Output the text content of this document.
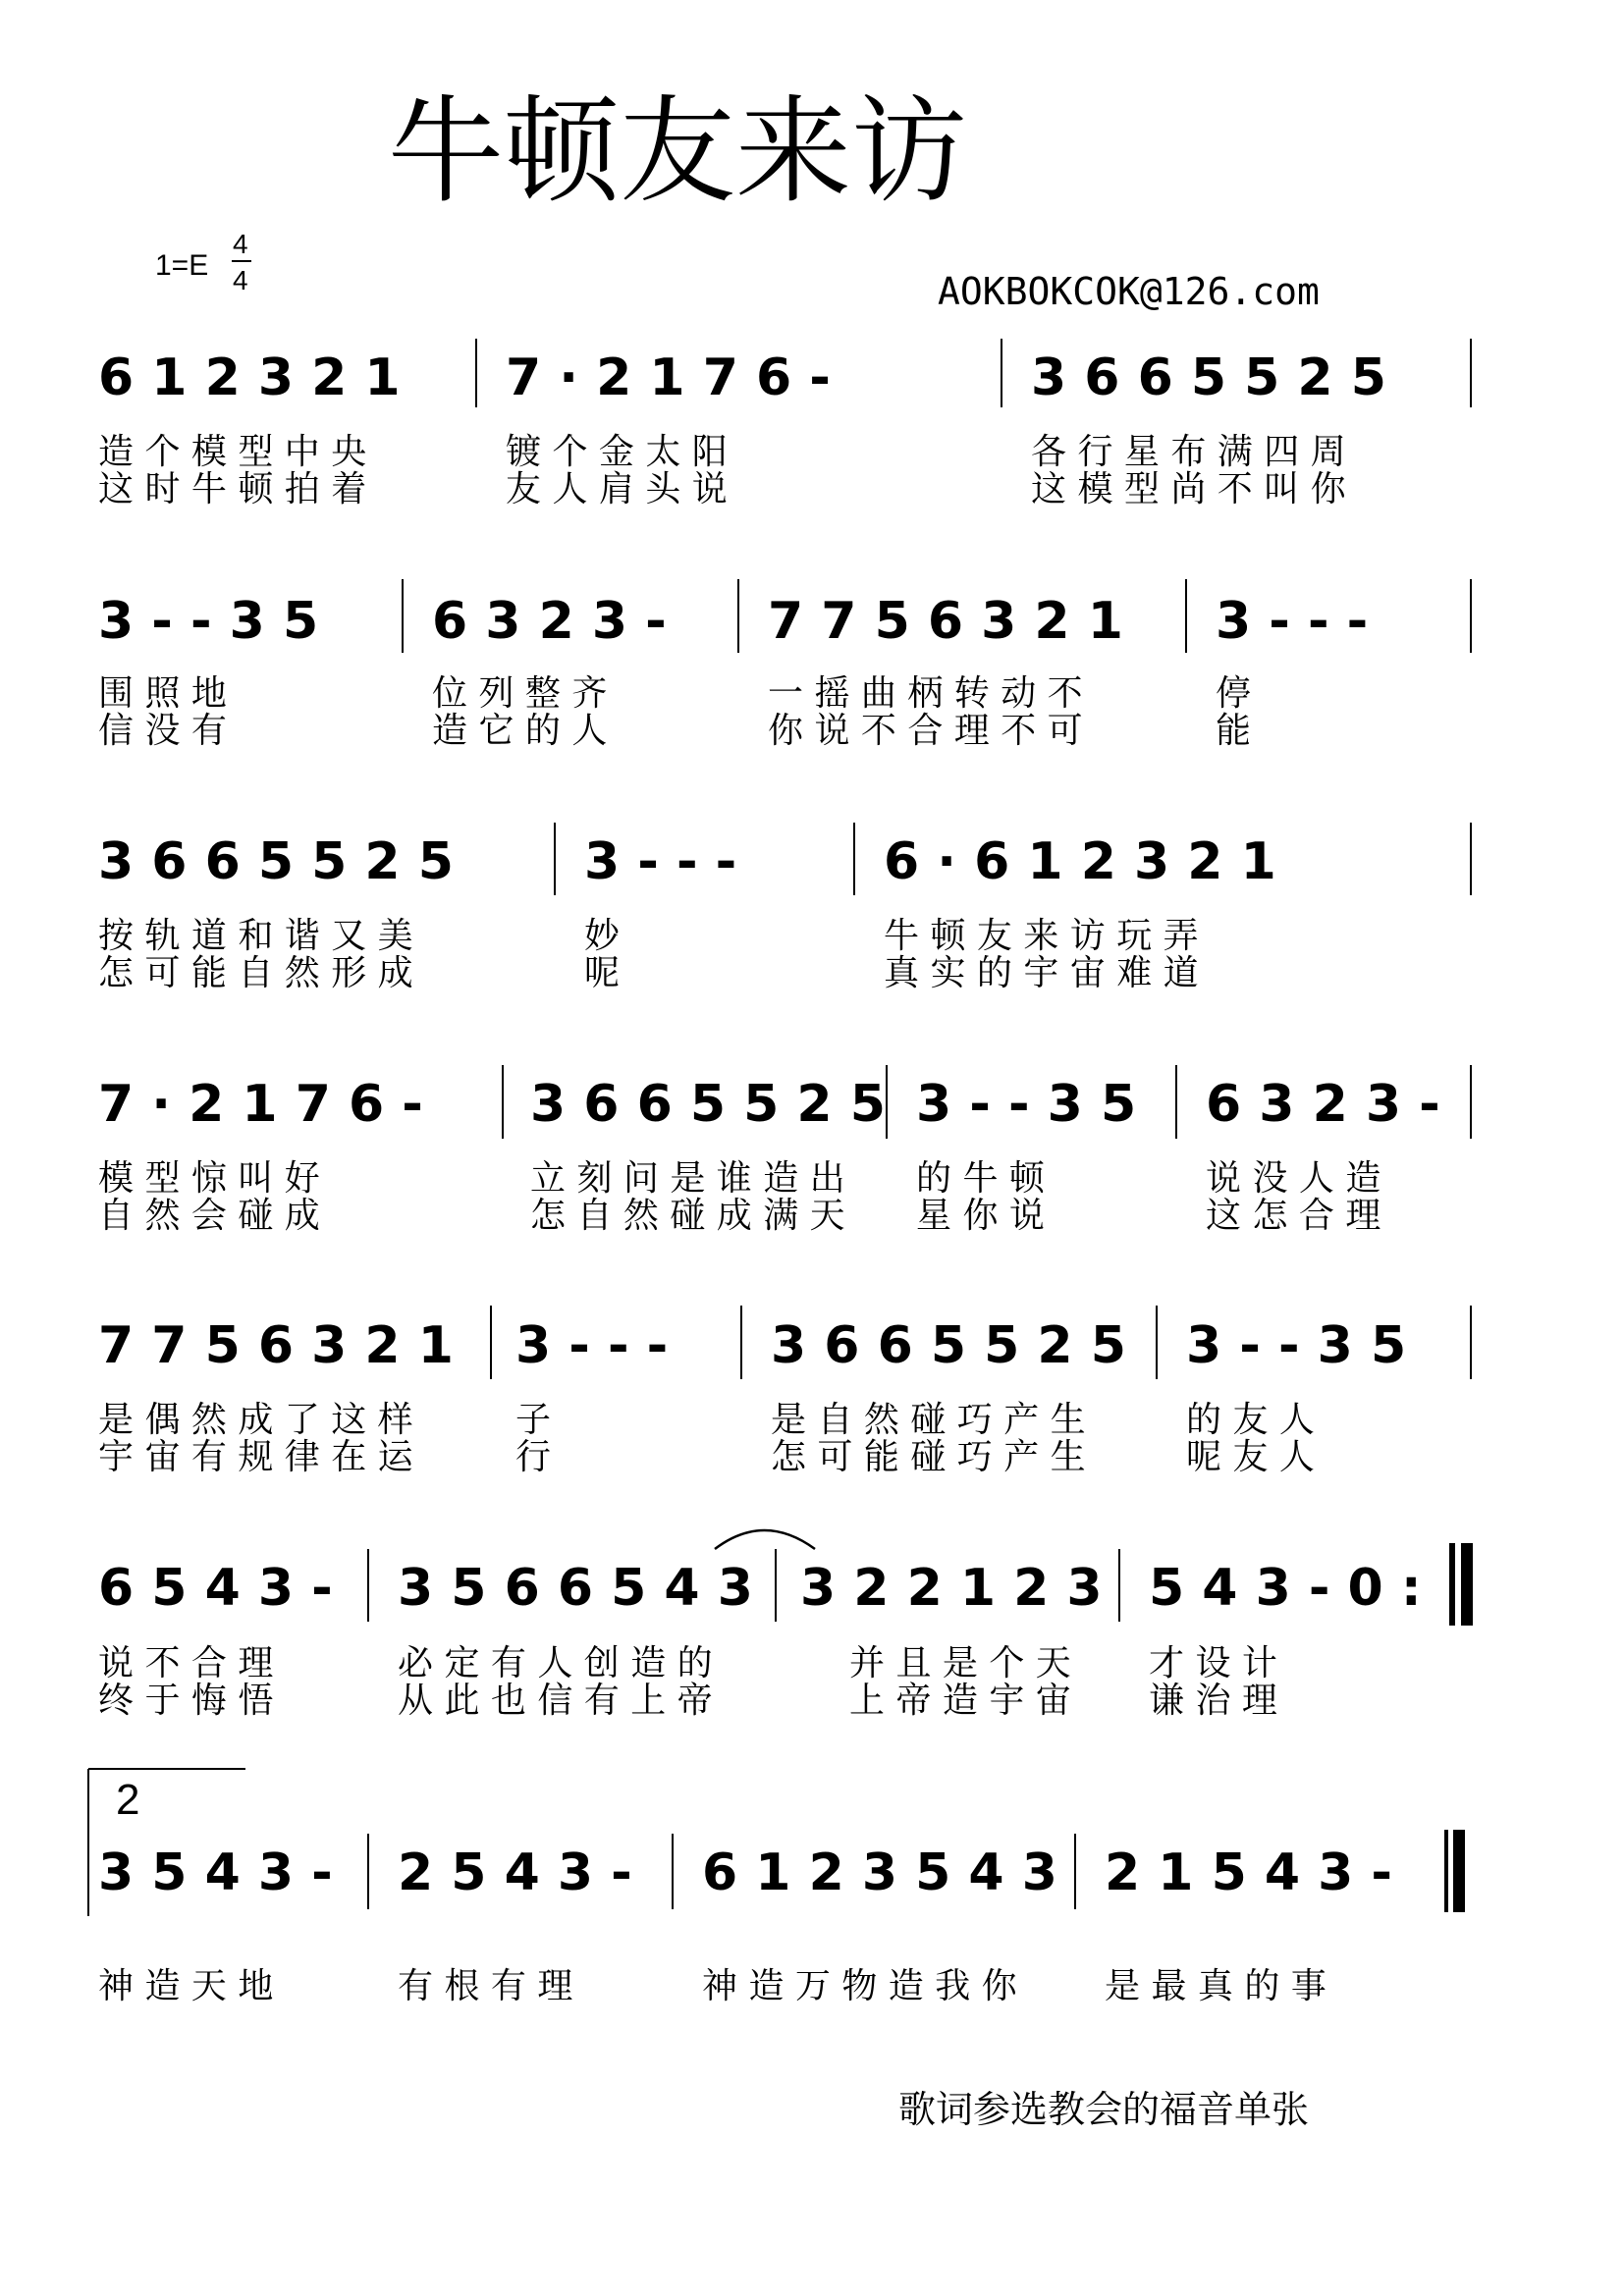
牛顿友来访
1=E
4
4	AOKBOKCOK@126.com
6 1 2 3 2 1
造 个 模 型 中 央
这 时 牛 顿 拍 着
7 · 2 1 7 6 -
镀 个 金 太 阳
友 人 肩 头 说
3 6 6 5 5 2 5
各 行 星 布 满 四 周
这 模 型 尚 不 叫 你
3 - - 3 5
围 照 地
信 没 有
6 3 2 3 -
位 列 整 齐
造 它 的 人
7 7 5 6 3 2 1
一 摇 曲 柄 转 动 不
你 说 不 合 理 不 可
3 - - -
停
能
3 6 6 5 5 2 5
按 轨 道 和 谐 又 美
怎 可 能 自 然 形 成
3 - - -
妙
呢
6 · 6 1 2 3 2 1
牛 顿 友 来 访 玩 弄
真 实 的 宇 宙 难 道
7 · 2 1 7 6 -
模 型 惊 叫 好
自 然 会 碰 成
3 6 6 5 5 2 5
立 刻 问 是 谁 造 出
怎 自 然 碰 成 满 天
3 - - 3 5
的 牛 顿
星 你 说
6 3 2 3 -
说 没 人 造
这 怎 合 理
7 7 5 6 3 2 1
是 偶 然 成 了 这 样
宇 宙 有 规 律 在 运
3 - - -
子
行
3 6 6 5 5 2 5
是 自 然 碰 巧 产 生
怎 可 能 碰 巧 产 生
3 - - 3 5
的 友 人
呢 友 人
6 5 4 3 -
说 不 合 理
终 于 悔 悟
3 5 6 6 5 4 3
必 定 有 人 创 造 的
从 此 也 信 有 上 帝
3 2 2 1 2 3
并 且 是 个 天
上 帝 造 宇 宙
5 4 3 - 0 :
才 设 计
谦 治 理
2
3 5 4 3 -
神 造 天 地
2 5 4 3 -
有 根 有 理
6 1 2 3 5 4 3
神 造 万 物 造 我 你
2 1 5 4 3 -
是 最 真 的 事
歌词参选教会的福音单张
